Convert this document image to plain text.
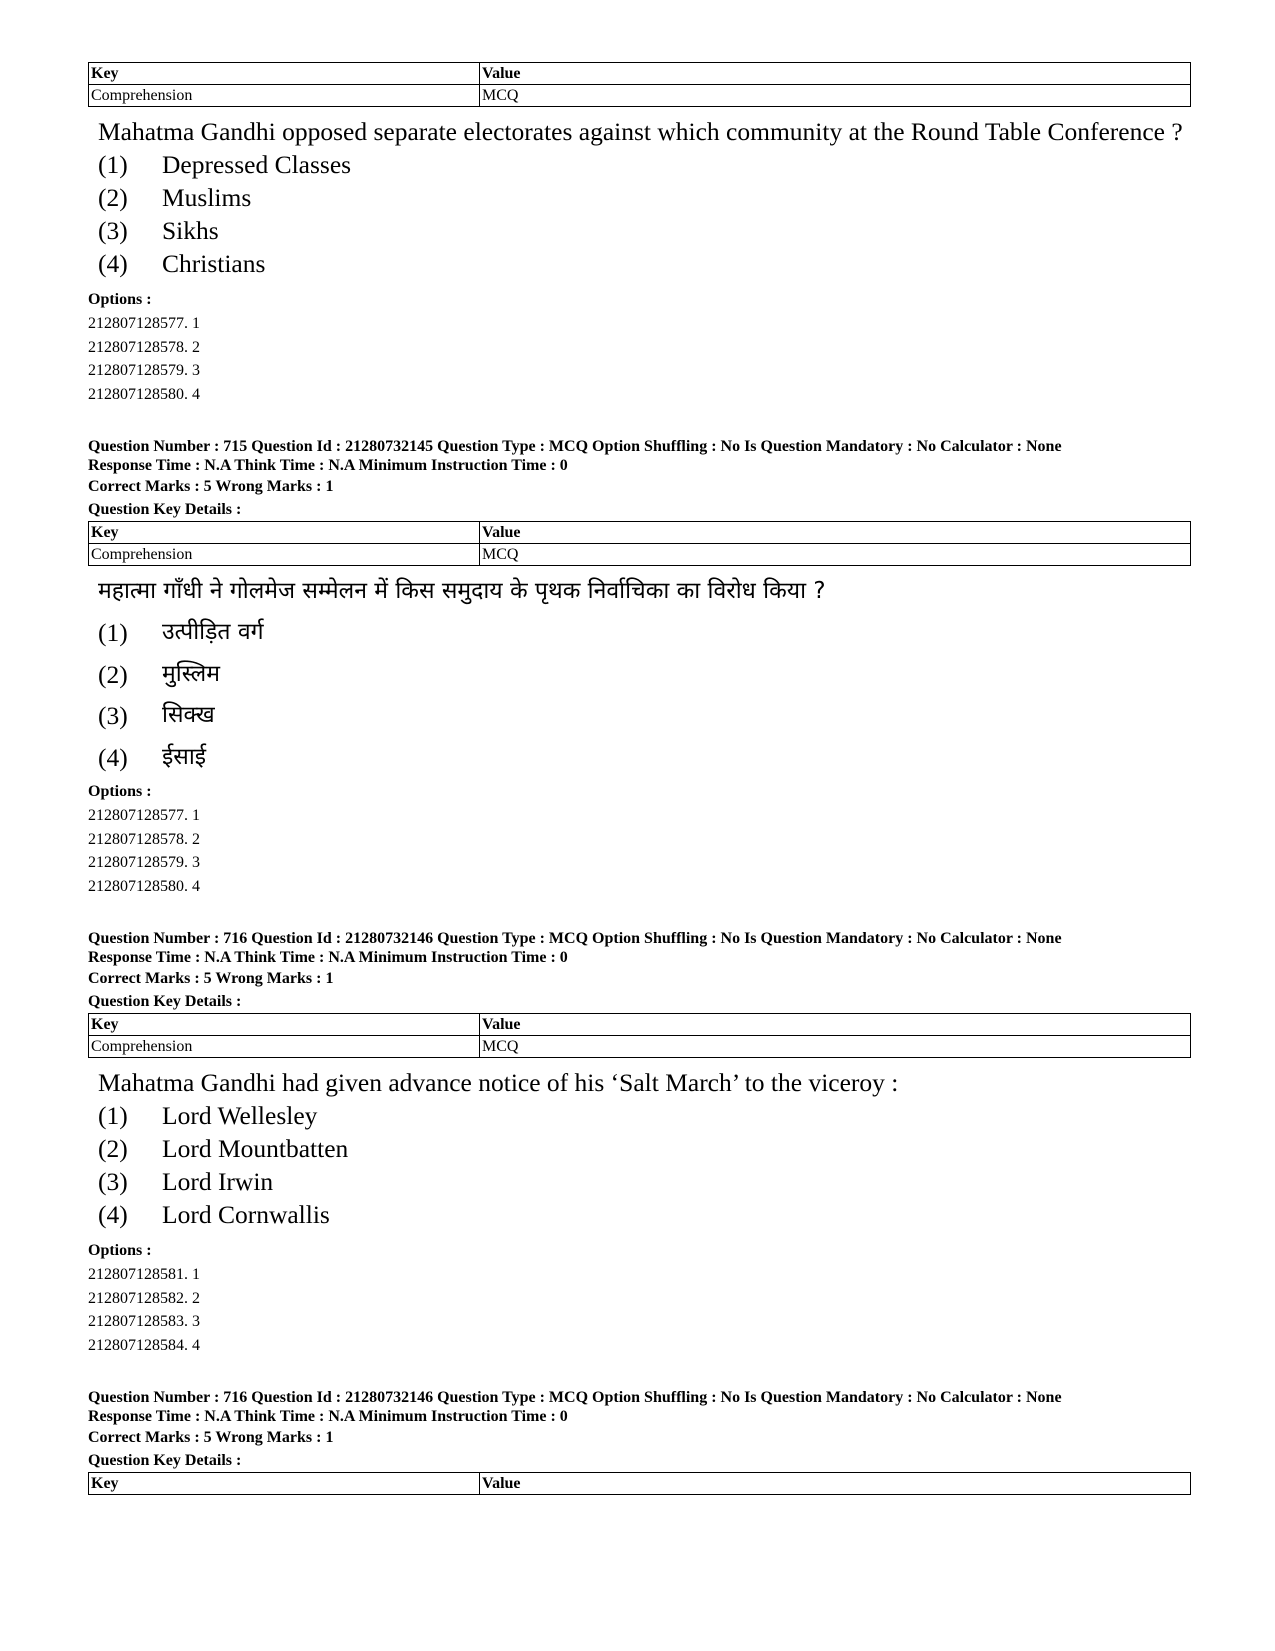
Key	Value
Comprehension	MCQ
Mahatma Gandhi opposed separate electorates against which community at the Round Table Conference ?
(1)	Depressed Classes
(2)	Muslims
(3)	Sikhs
(4)	Christians
Options :
212807128577. 1
212807128578. 2
212807128579. 3
212807128580. 4
Question Number : 715 Question Id : 21280732145 Question Type : MCQ Option Shuffling : No Is Question Mandatory : No Calculator : None
Response Time : N.A Think Time : N.A Minimum Instruction Time : 0
Correct Marks : 5 Wrong Marks : 1
Question Key Details :
Key	Value
Comprehension	MCQ
महात्मा गाँधी ने गोलमेज सम्मेलन में किस समुदाय के पृथक निर्वाचिका का विरोध किया ?
(1)	उत्पीड़ित वर्ग
(2)	मुस्लिम
(3)	सिक्ख
(4)	ईसाई
Options :
212807128577. 1
212807128578. 2
212807128579. 3
212807128580. 4
Question Number : 716 Question Id : 21280732146 Question Type : MCQ Option Shuffling : No Is Question Mandatory : No Calculator : None
Response Time : N.A Think Time : N.A Minimum Instruction Time : 0
Correct Marks : 5 Wrong Marks : 1
Question Key Details :
Key	Value
Comprehension	MCQ
Mahatma Gandhi had given advance notice of his ‘Salt March’ to the viceroy :
(1)	Lord Wellesley
(2)	Lord Mountbatten
(3)	Lord Irwin
(4)	Lord Cornwallis
Options :
212807128581. 1
212807128582. 2
212807128583. 3
212807128584. 4
Question Number : 716 Question Id : 21280732146 Question Type : MCQ Option Shuffling : No Is Question Mandatory : No Calculator : None
Response Time : N.A Think Time : N.A Minimum Instruction Time : 0
Correct Marks : 5 Wrong Marks : 1
Question Key Details :
Key	Value
